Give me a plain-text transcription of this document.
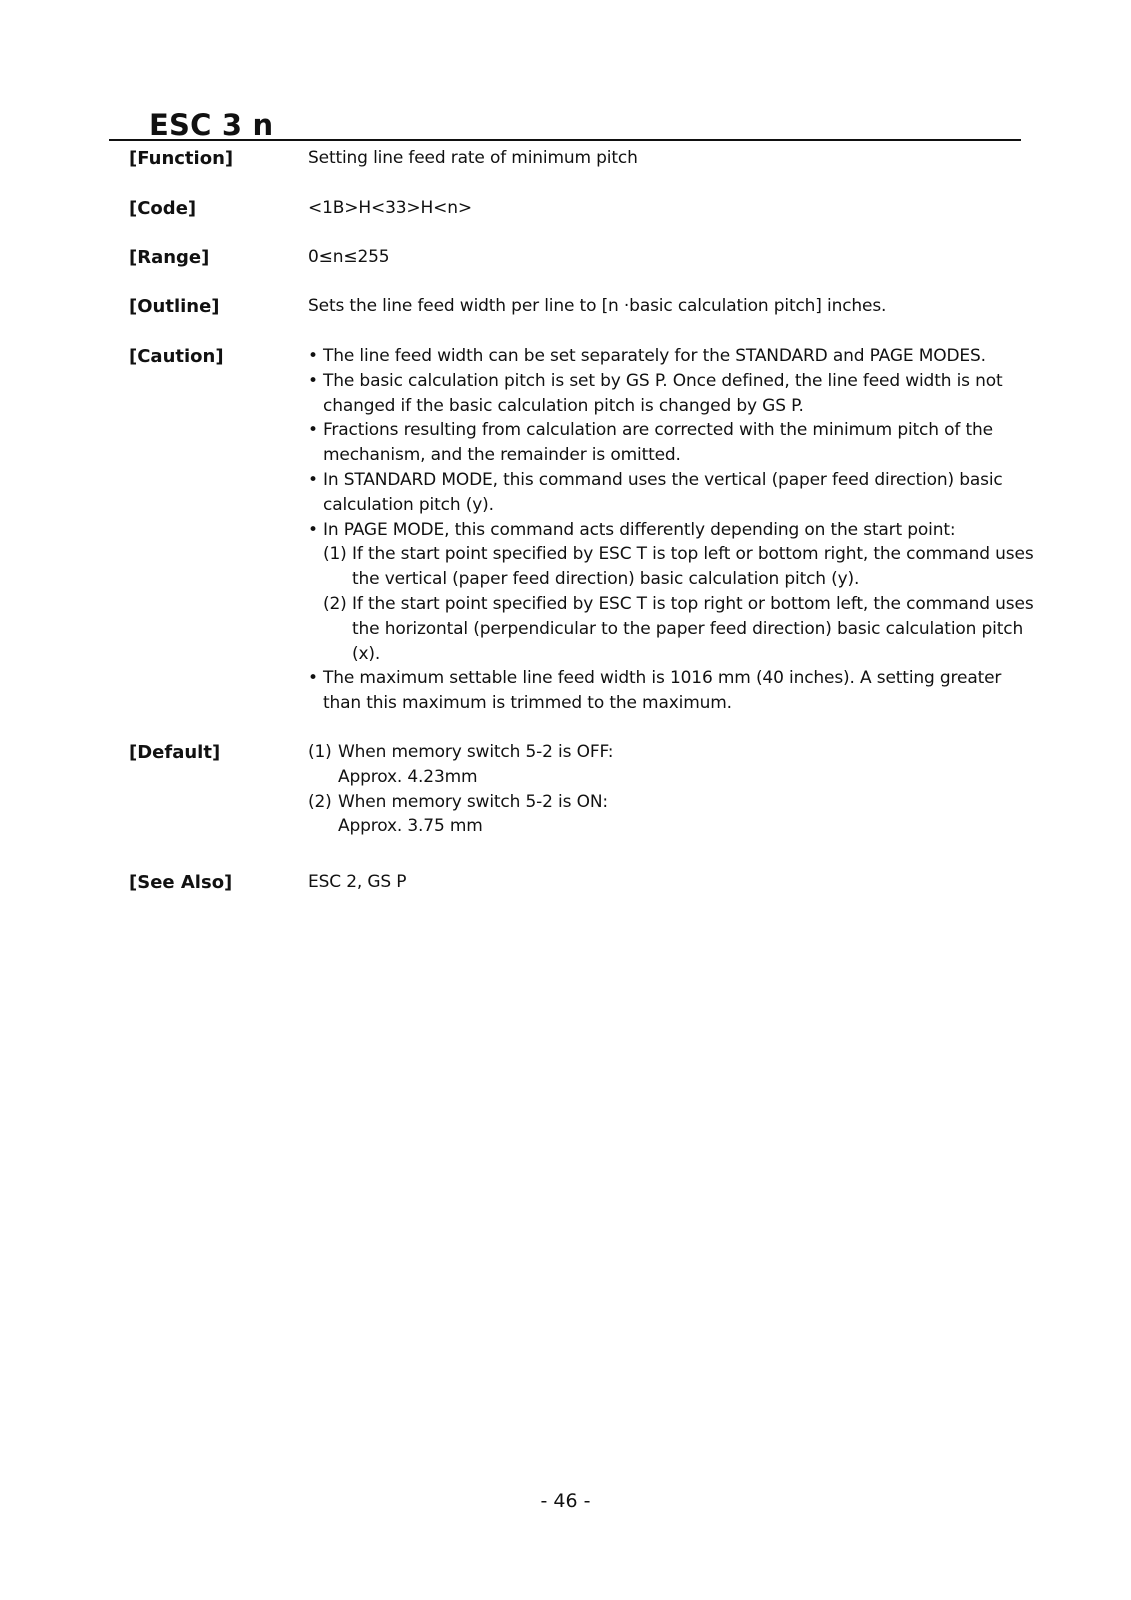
ESC 3 n
[Function]	Setting line feed rate of minimum pitch
[Code]	<1B>H<33>H<n>
[Range]	0≤n≤255
[Outline]	Sets the line feed width per line to [n ·basic calculation pitch] inches.
[Caution]	• The line feed width can be set separately for the STANDARD and PAGE MODES.
• The basic calculation pitch is set by GS P. Once defined, the line feed width is not
changed if the basic calculation pitch is changed by GS P.
• Fractions resulting from calculation are corrected with the minimum pitch of the
mechanism, and the remainder is omitted.
• In STANDARD MODE, this command uses the vertical (paper feed direction) basic
calculation pitch (y).
• In PAGE MODE, this command acts differently depending on the start point:
(1) If the start point specified by ESC T is top left or bottom right, the command uses
the vertical (paper feed direction) basic calculation pitch (y).
(2) If the start point specified by ESC T is top right or bottom left, the command uses
the horizontal (perpendicular to the paper feed direction) basic calculation pitch
(x).
• The maximum settable line feed width is 1016 mm (40 inches). A setting greater
than this maximum is trimmed to the maximum.
[Default]	(1) When memory switch 5-2 is OFF:
Approx. 4.23mm
(2) When memory switch 5-2 is ON:
Approx. 3.75 mm
[See Also]	ESC 2, GS P
- 46 -
